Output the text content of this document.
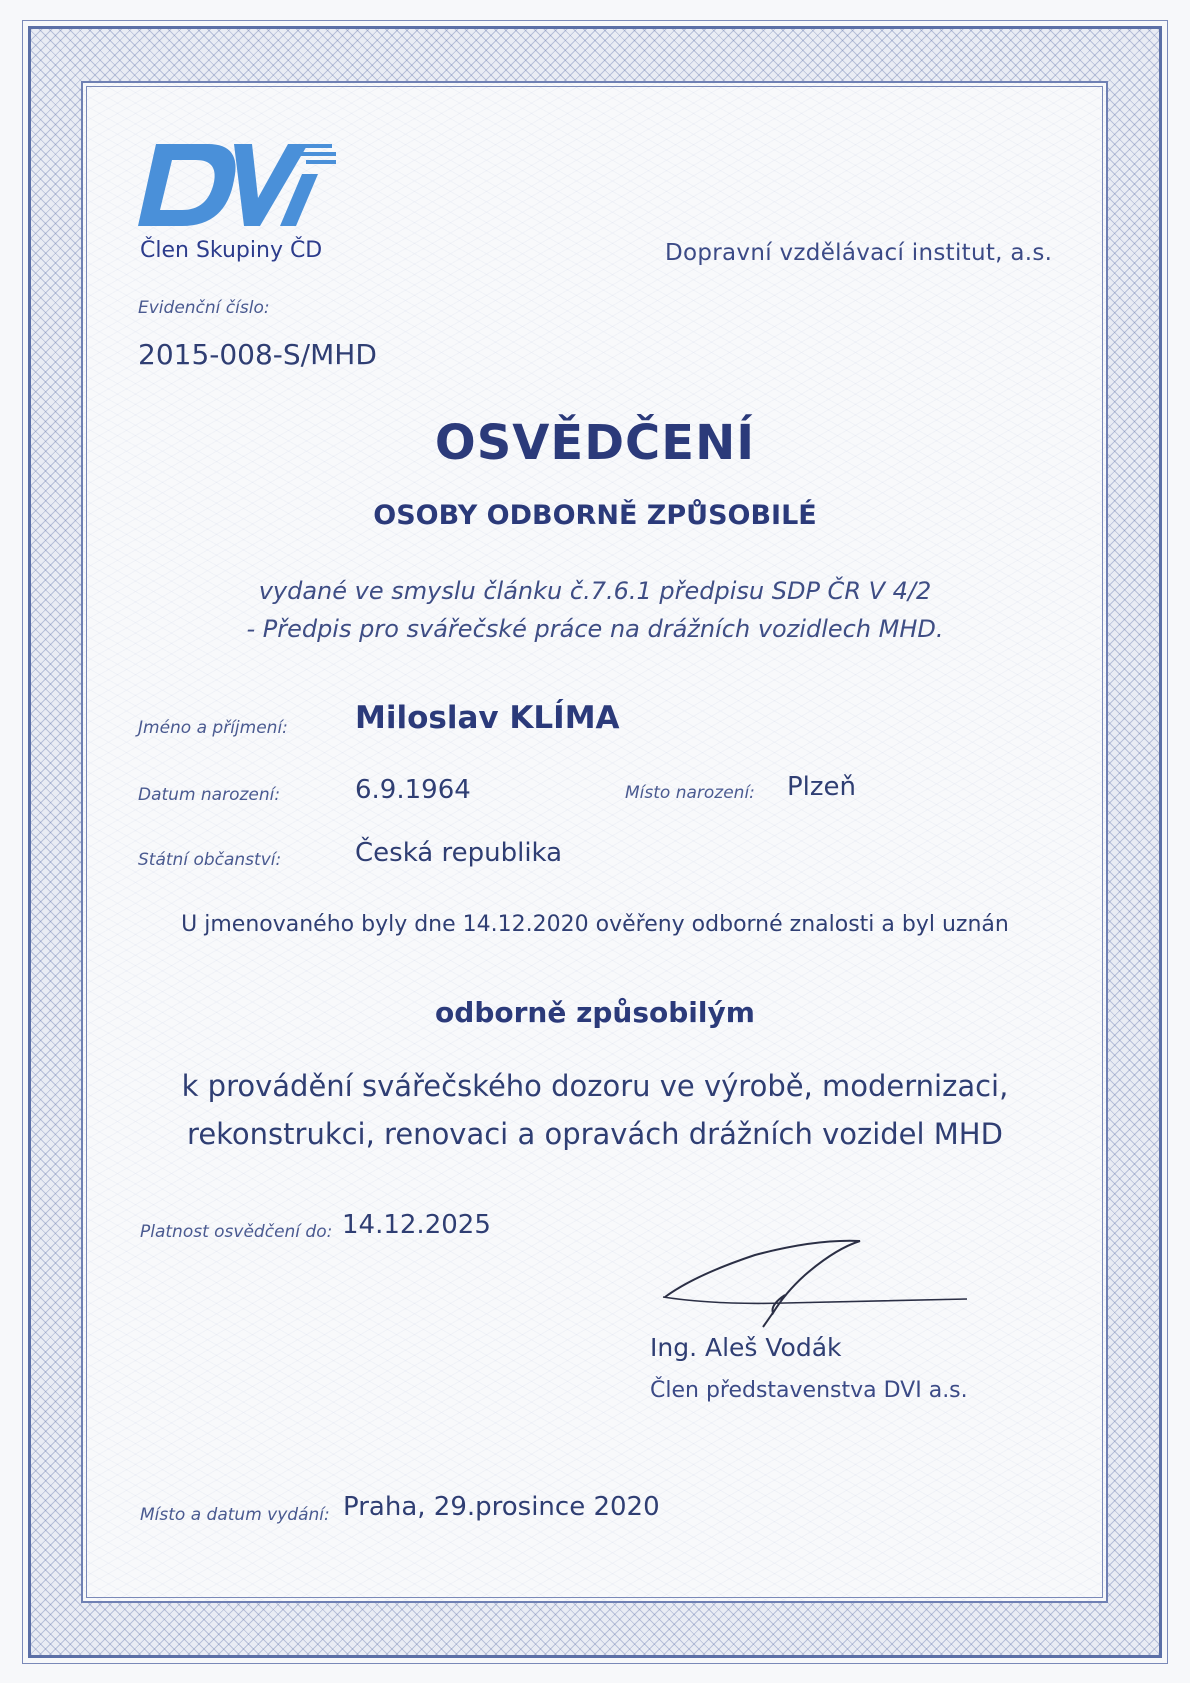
Člen Skupiny ČD	Dopravní vzdělávací institut, a.s.
Evidenční číslo:
2015-008-S/MHD
OSVĚDČENÍ
OSOBY ODBORNĚ ZPŮSOBILÉ
vydané ve smyslu článku č.7.6.1 předpisu SDP ČR V 4/2
- Předpis pro svářečské práce na drážních vozidlech MHD.
Jméno a příjmení: Miloslav KLÍMA
Datum narození:	6.9.1964	Místo narození: Plzeň
Státní občanství:	Česká republika
U jmenovaného byly dne 14.12.2020 ověřeny odborné znalosti a byl uznán
odborně způsobilým
k provádění svářečského dozoru ve výrobě, modernizaci,
rekonstrukci, renovaci a opravách drážních vozidel MHD
Platnost osvědčení do: 14.12.2025
Ing. Aleš Vodák
Člen představenstva DVI a.s.
Místo a datum vydání: Praha, 29.prosince 2020
